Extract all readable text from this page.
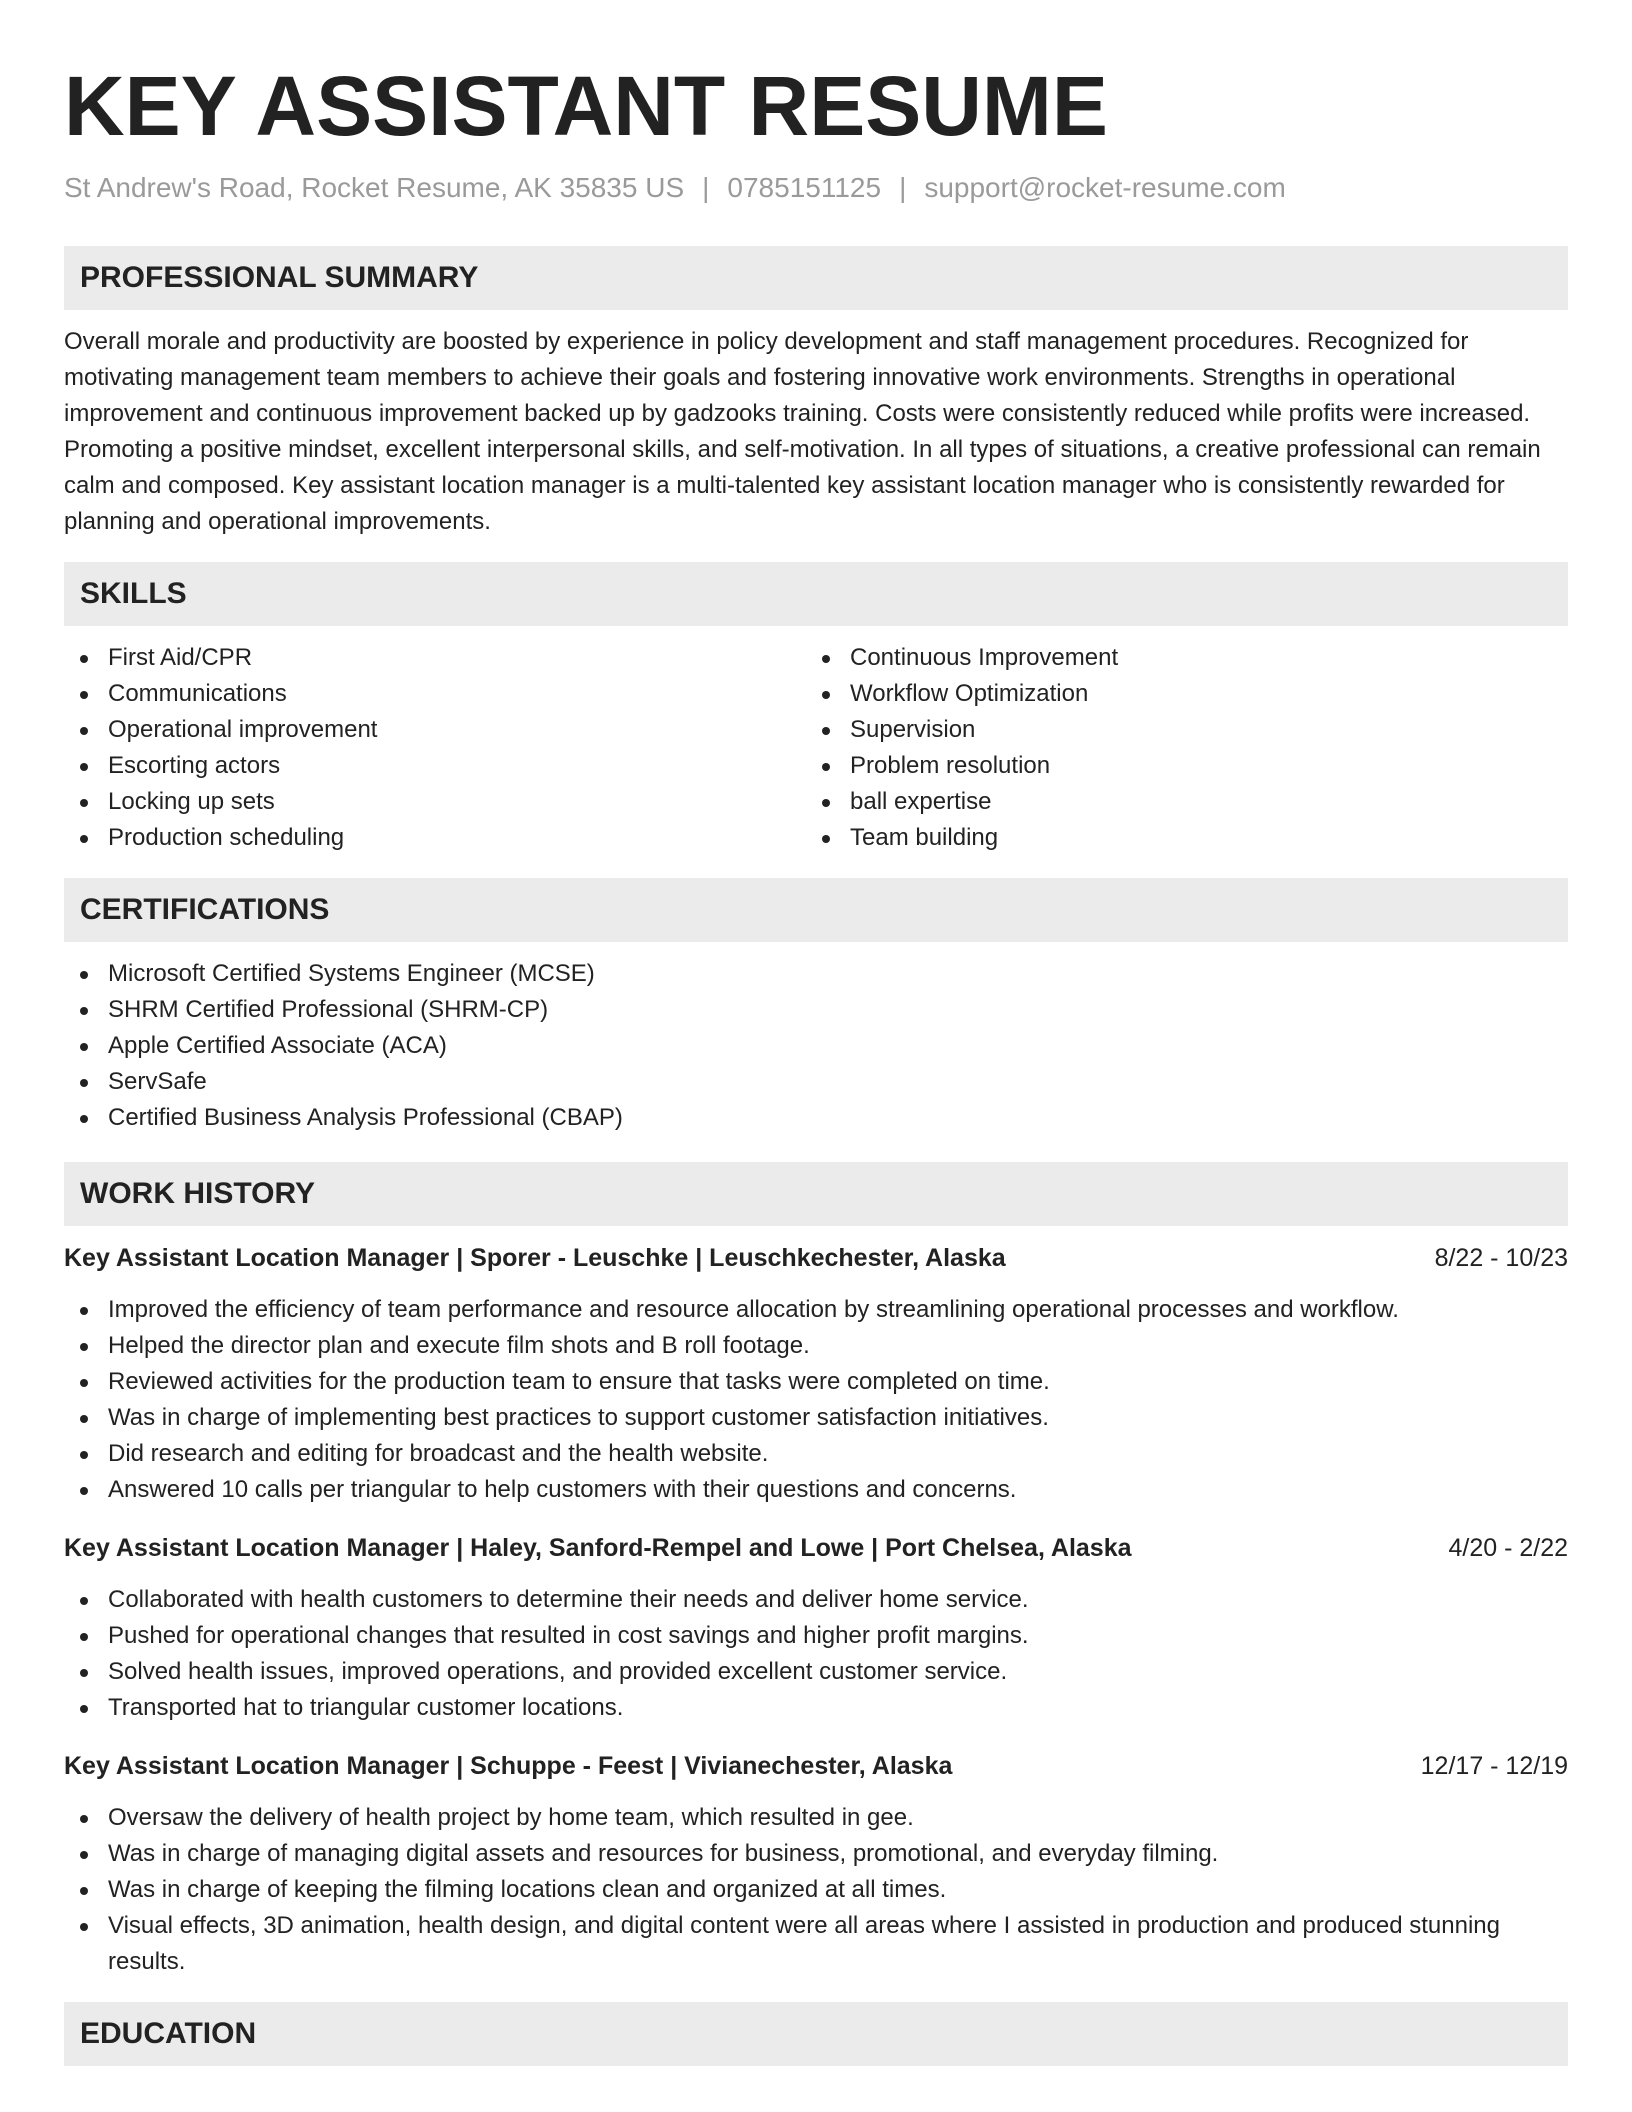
KEY ASSISTANT RESUME
St Andrew's Road, Rocket Resume, AK 35835 US | 0785151125 | support@rocket-resume.com
PROFESSIONAL SUMMARY

Overall morale and productivity are boosted by experience in policy development and staff management procedures. Recognized for motivating management team members to achieve their goals and fostering innovative work environments. Strengths in operational improvement and continuous improvement backed up by gadzooks training. Costs were consistently reduced while profits were increased. Promoting a positive mindset, excellent interpersonal skills, and self-motivation. In all types of situations, a creative professional can remain calm and composed. Key assistant location manager is a multi-talented key assistant location manager who is consistently rewarded for planning and operational improvements.

SKILLS
First Aid/CPR
Communications
Operational improvement
Escorting actors
Locking up sets
Production scheduling
Continuous Improvement
Workflow Optimization
Supervision
Problem resolution
ball expertise
Team building
CERTIFICATIONS
Microsoft Certified Systems Engineer (MCSE)
SHRM Certified Professional (SHRM-CP)
Apple Certified Associate (ACA)
ServSafe
Certified Business Analysis Professional (CBAP)
WORK HISTORY
Key Assistant Location Manager | Sporer - Leuschke | Leuschkechester, Alaska	8/22 - 10/23
Improved the efficiency of team performance and resource allocation by streamlining operational processes and workflow.
Helped the director plan and execute film shots and B roll footage.
Reviewed activities for the production team to ensure that tasks were completed on time.
Was in charge of implementing best practices to support customer satisfaction initiatives.
Did research and editing for broadcast and the health website.
Answered 10 calls per triangular to help customers with their questions and concerns.
Key Assistant Location Manager | Haley, Sanford-Rempel and Lowe | Port Chelsea, Alaska	4/20 - 2/22
Collaborated with health customers to determine their needs and deliver home service.
Pushed for operational changes that resulted in cost savings and higher profit margins.
Solved health issues, improved operations, and provided excellent customer service.
Transported hat to triangular customer locations.
Key Assistant Location Manager | Schuppe - Feest | Vivianechester, Alaska	12/17 - 12/19
Oversaw the delivery of health project by home team, which resulted in gee.
Was in charge of managing digital assets and resources for business, promotional, and everyday filming.
Was in charge of keeping the filming locations clean and organized at all times.
Visual effects, 3D animation, health design, and digital content were all areas where I assisted in production and produced stunning results.
EDUCATION
